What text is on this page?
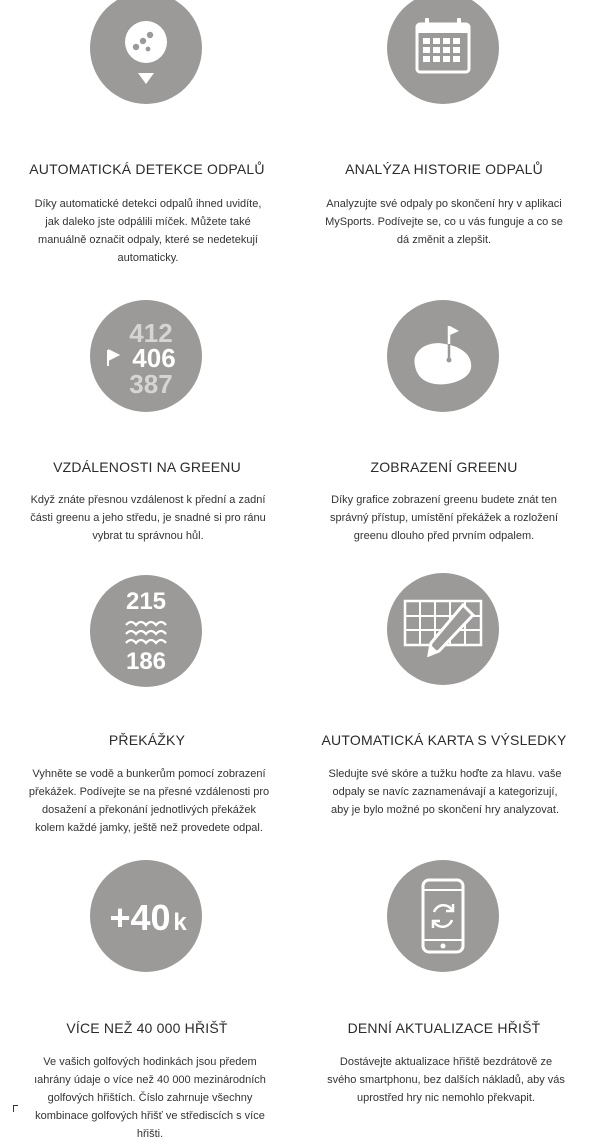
AUTOMATICKÁ DETEKCE ODPALŮ
Díky automatické detekci odpalů ihned uvidíte,
jak daleko jste odpálili míček. Můžete také
manuálně označit odpaly, které se nedetekují
automaticky.
ANALÝZA HISTORIE ODPALŮ
Analyzujte své odpaly po skončení hry v aplikaci
MySports. Podívejte se, co u vás funguje a co se
dá změnit a zlepšit.
412
406
387
VZDÁLENOSTI NA GREENU
Když znáte přesnou vzdálenost k přední a zadní
části greenu a jeho středu, je snadné si pro ránu
vybrat tu správnou hůl.
ZOBRAZENÍ GREENU
Díky grafice zobrazení greenu budete znát ten
správný přístup, umístění překážek a rozložení
greenu dlouho před prvním odpalem.
215
186
PŘEKÁŽKY
Vyhněte se vodě a bunkerům pomocí zobrazení
překážek. Podívejte se na přesné vzdálenosti pro
dosažení a překonání jednotlivých překážek
kolem každé jamky, ještě než provedete odpal.
AUTOMATICKÁ KARTA S VÝSLEDKY
Sledujte své skóre a tužku hoďte za hlavu. vaše
odpaly se navíc zaznamenávají a kategorizují,
aby je bylo možné po skončení hry analyzovat.
+40 k
VÍCE NEŽ 40 000 HŘIŠŤ
Ve vašich golfových hodinkách jsou předem
ıahrány údaje o více než 40 000 mezinárodních
golfových hřištích. Číslo zahrnuje všechny
kombinace golfových hřišť ve střediscích s více
hřišti.
DENNÍ AKTUALIZACE HŘIŠŤ
Dostávejte aktualizace hřiště bezdrátově ze
svého smartphonu, bez dalších nákladů, aby vás
uprostřed hry nic nemohlo překvapit.
